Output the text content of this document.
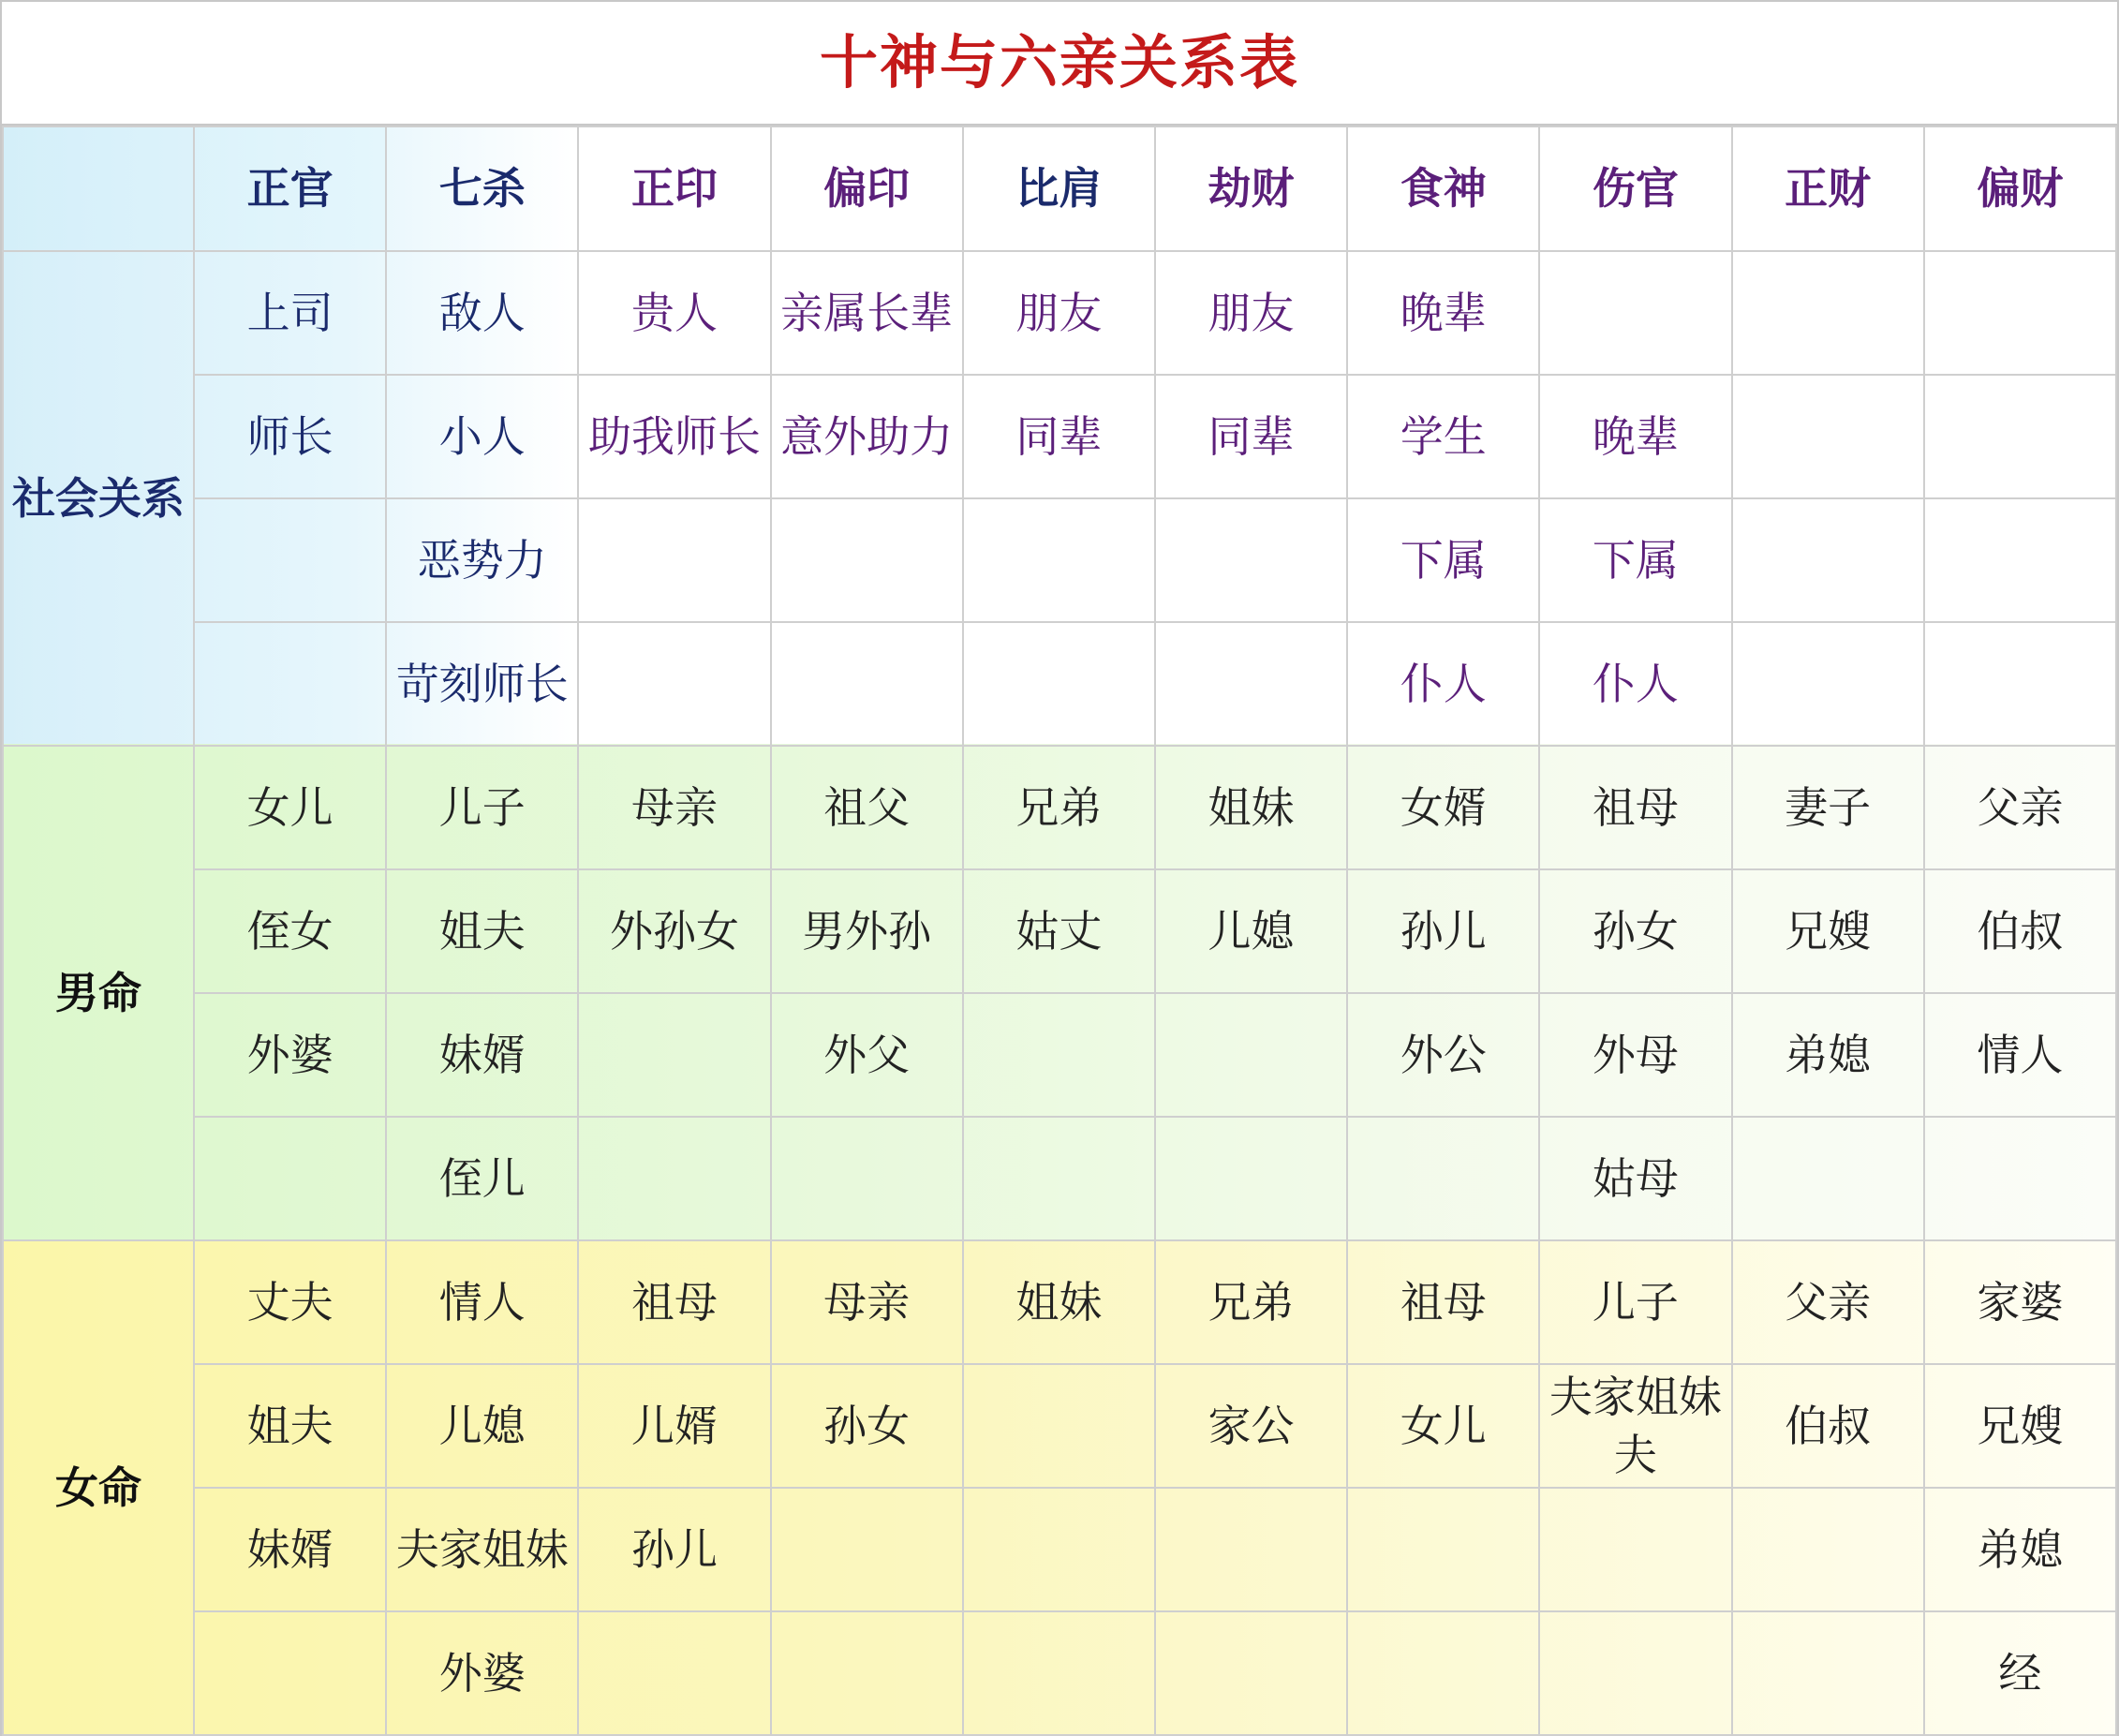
十神与六亲关系表
	正官	七杀	正印	偏印	比肩	劫财	食神	伤官	正财	偏财
社会关系	上司	敌人	贵人	亲属长辈	朋友	朋友	晚辈			
	师长	小人	助我师长	意外助力	同辈	同辈	学生	晚辈		
		恶势力					下属	下属		
		苛刻师长					仆人	仆人		
男命	女儿	儿子	母亲	祖父	兄弟	姐妹	女婿	祖母	妻子	父亲
	侄女	姐夫	外孙女	男外孙	姑丈	儿媳	孙儿	孙女	兄嫂	伯叔
	外婆	妹婿		外父			外公	外母	弟媳	情人
		侄儿						姑母		
女命	丈夫	情人	祖母	母亲	姐妹	兄弟	祖母	儿子	父亲	家婆
	姐夫	儿媳	儿婿	孙女		家公	女儿	夫家姐妹夫	伯叔	兄嫂
	妹婿	夫家姐妹	孙儿							弟媳
		外婆								经
